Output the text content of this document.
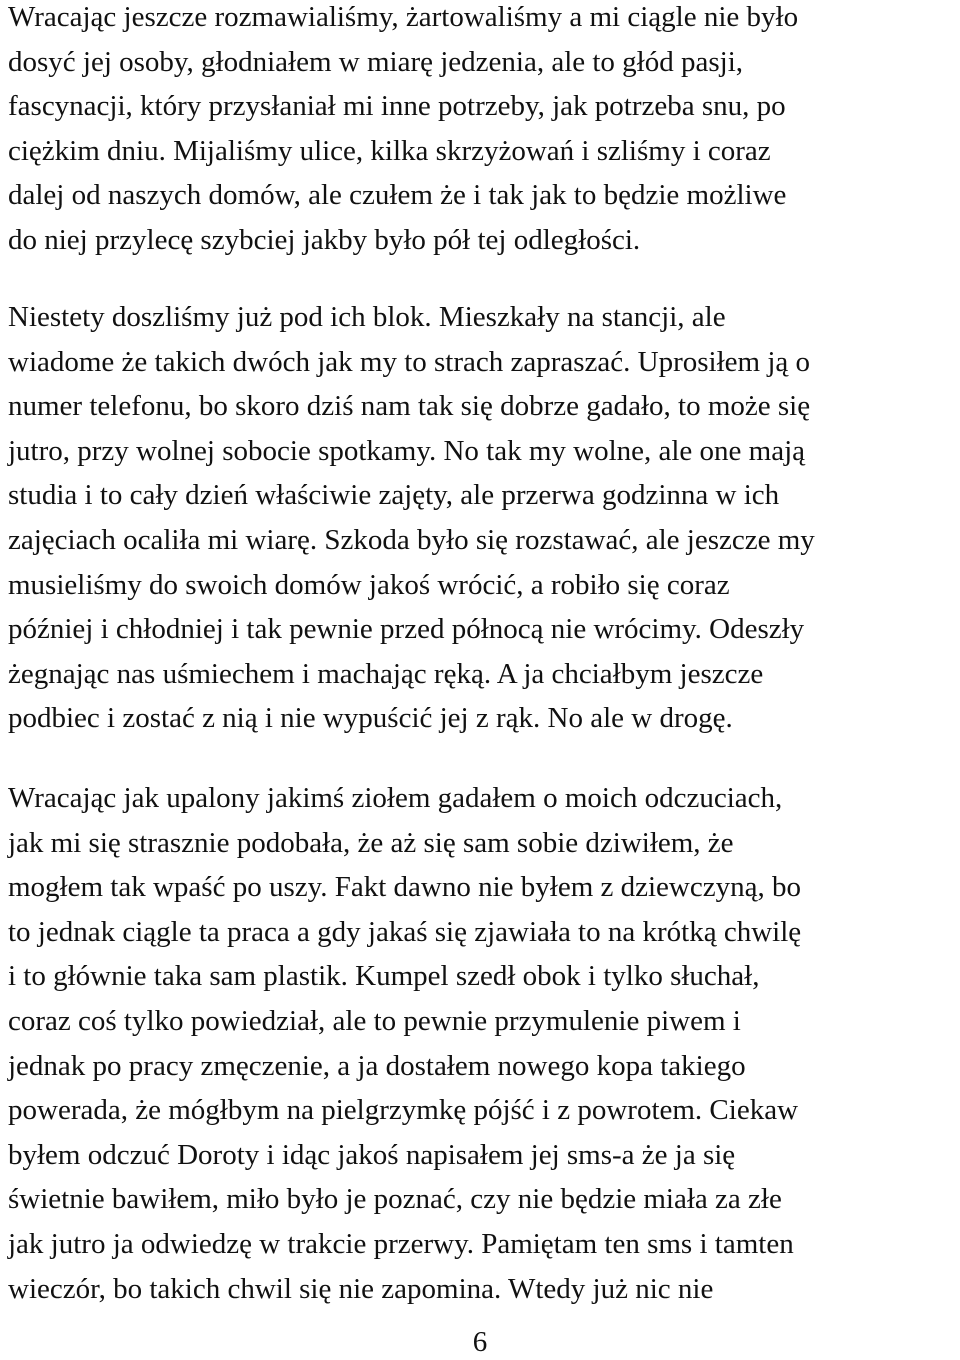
Wracając jeszcze rozmawialiśmy, żartowaliśmy a mi ciągle nie było
dosyć jej osoby, głodniałem w miarę jedzenia, ale to głód pasji,
fascynacji, który przysłaniał mi inne potrzeby, jak potrzeba snu, po
ciężkim dniu. Mijaliśmy ulice, kilka skrzyżowań i szliśmy i coraz
dalej od naszych domów, ale czułem że i tak jak to będzie możliwe
do niej przylecę szybciej jakby było pół tej odległości.
Niestety doszliśmy już pod ich blok. Mieszkały na stancji, ale
wiadome że takich dwóch jak my to strach zapraszać. Uprosiłem ją o
numer telefonu, bo skoro dziś nam tak się dobrze gadało, to może się
jutro, przy wolnej sobocie spotkamy. No tak my wolne, ale one mają
studia i to cały dzień właściwie zajęty, ale przerwa godzinna w ich
zajęciach ocaliła mi wiarę. Szkoda było się rozstawać, ale jeszcze my
musieliśmy do swoich domów jakoś wrócić, a robiło się coraz
później i chłodniej i tak pewnie przed północą nie wrócimy. Odeszły
żegnając nas uśmiechem i machając ręką. A ja chciałbym jeszcze
podbiec i zostać z nią i nie wypuścić jej z rąk. No ale w drogę.
Wracając jak upalony jakimś ziołem gadałem o moich odczuciach,
jak mi się strasznie podobała, że aż się sam sobie dziwiłem, że
mogłem tak wpaść po uszy. Fakt dawno nie byłem z dziewczyną, bo
to jednak ciągle ta praca a gdy jakaś się zjawiała to na krótką chwilę
i to głównie taka sam plastik. Kumpel szedł obok i tylko słuchał,
coraz coś tylko powiedział, ale to pewnie przymulenie piwem i
jednak po pracy zmęczenie, a ja dostałem nowego kopa takiego
powerada, że mógłbym na pielgrzymkę pójść i z powrotem. Ciekaw
byłem odczuć Doroty i idąc jakoś napisałem jej sms-a że ja się
świetnie bawiłem, miło było je poznać, czy nie będzie miała za złe
jak jutro ja odwiedzę w trakcie przerwy. Pamiętam ten sms i tamten
wieczór, bo takich chwil się nie zapomina. Wtedy już nic nie
6
